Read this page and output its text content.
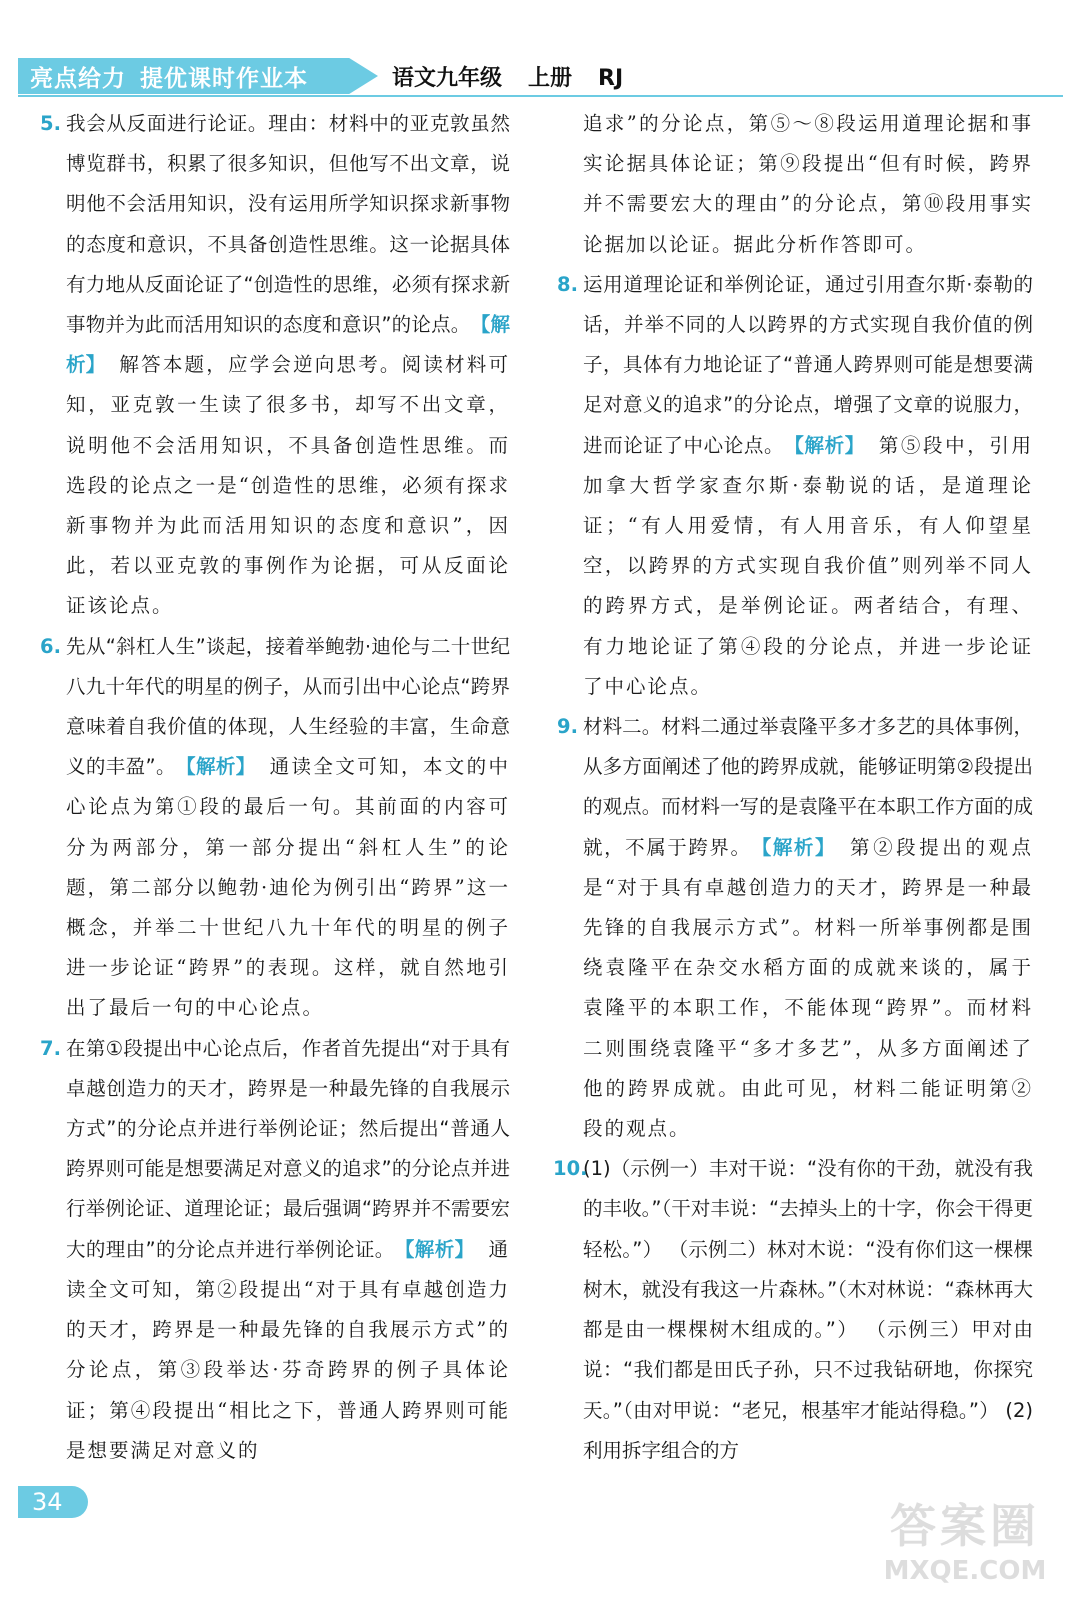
亮点给力 提优课时作业本	语文九年级 上册 RJ

5. 我会从反面进行论证。理由：材料中的亚克敦虽然博览群书，积累了很多知识，但他写不出文章，说明他不会活用知识，没有运用所学知识探求新事物的态度和意识，不具备创造性思维。这一论据具体有力地从反面论证了“创造性的思维，必须有探求新事物并为此而活用知识的态度和意识”的论点。 【解析】 解答本题，应学会逆向思考。阅读材料可知，亚克敦一生读了很多书，却写不出文章，说明他不会活用知识，不具备创造性思维。而选段的论点之一是“创造性的思维，必须有探求新事物并为此而活用知识的态度和意识”，因此，若以亚克敦的事例作为论据，可从反面论证该论点。

6. 先从“斜杠人生”谈起，接着举鲍勃·迪伦与二十世纪八九十年代的明星的例子，从而引出中心论点“跨界意味着自我价值的体现，人生经验的丰富，生命意义的丰盈”。 【解析】 通读全文可知，本文的中心论点为第①段的最后一句。其前面的内容可分为两部分，第一部分提出“斜杠人生”的论题，第二部分以鲍勃·迪伦为例引出“跨界”这一概念，并举二十世纪八九十年代的明星的例子进一步论证“跨界”的表现。这样，就自然地引出了最后一句的中心论点。

7. 在第①段提出中心论点后，作者首先提出“对于具有卓越创造力的天才，跨界是一种最先锋的自我展示方式”的分论点并进行举例论证；然后提出“普通人跨界则可能是想要满足对意义的追求”的分论点并进行举例论证、道理论证；最后强调“跨界并不需要宏大的理由”的分论点并进行举例论证。 【解析】 通读全文可知，第②段提出“对于具有卓越创造力的天才，跨界是一种最先锋的自我展示方式”的分论点，第③段举达·芬奇跨界的例子具体论证；第④段提出“相比之下，普通人跨界则可能是想要满足对意义的

追求”的分论点，第⑤～⑧段运用道理论据和事实论据具体论证；第⑨段提出“但有时候，跨界并不需要宏大的理由”的分论点，第⑩段用事实论据加以论证。据此分析作答即可。

8. 运用道理论证和举例论证，通过引用查尔斯·泰勒的话，并举不同的人以跨界的方式实现自我价值的例子，具体有力地论证了“普通人跨界则可能是想要满足对意义的追求”的分论点，增强了文章的说服力，进而论证了中心论点。 【解析】 第⑤段中，引用加拿大哲学家查尔斯·泰勒说的话，是道理论证；“有人用爱情，有人用音乐，有人仰望星空，以跨界的方式实现自我价值”则列举不同人的跨界方式，是举例论证。两者结合，有理、有力地论证了第④段的分论点，并进一步论证了中心论点。

9. 材料二。材料二通过举袁隆平多才多艺的具体事例，从多方面阐述了他的跨界成就，能够证明第②段提出的观点。而材料一写的是袁隆平在本职工作方面的成就，不属于跨界。 【解析】 第②段提出的观点是“对于具有卓越创造力的天才，跨界是一种最先锋的自我展示方式”。材料一所举事例都是围绕袁隆平在杂交水稻方面的成就来谈的，属于袁隆平的本职工作，不能体现“跨界”。而材料二则围绕袁隆平“多才多艺”，从多方面阐述了他的跨界成就。由此可见，材料二能证明第②段的观点。

10.
(1)（示例一）丰对干说：“没有你的干劲，就没有我的丰收。”（干对丰说：“去掉头上的十字，你会干得更轻松。”） （示例二）林对木说：“没有你们这一棵棵树木，就没有我这一片森林。”（木对林说：“森林再大都是由一棵棵树木组成的。”） （示例三）甲对由说：“我们都是田氏子孙，只不过我钻研地，你探究天。”（由对甲说：“老兄，根基牢才能站得稳。”） (2) 利用拆字组合的方

34	答案圈
MXQE.COM
